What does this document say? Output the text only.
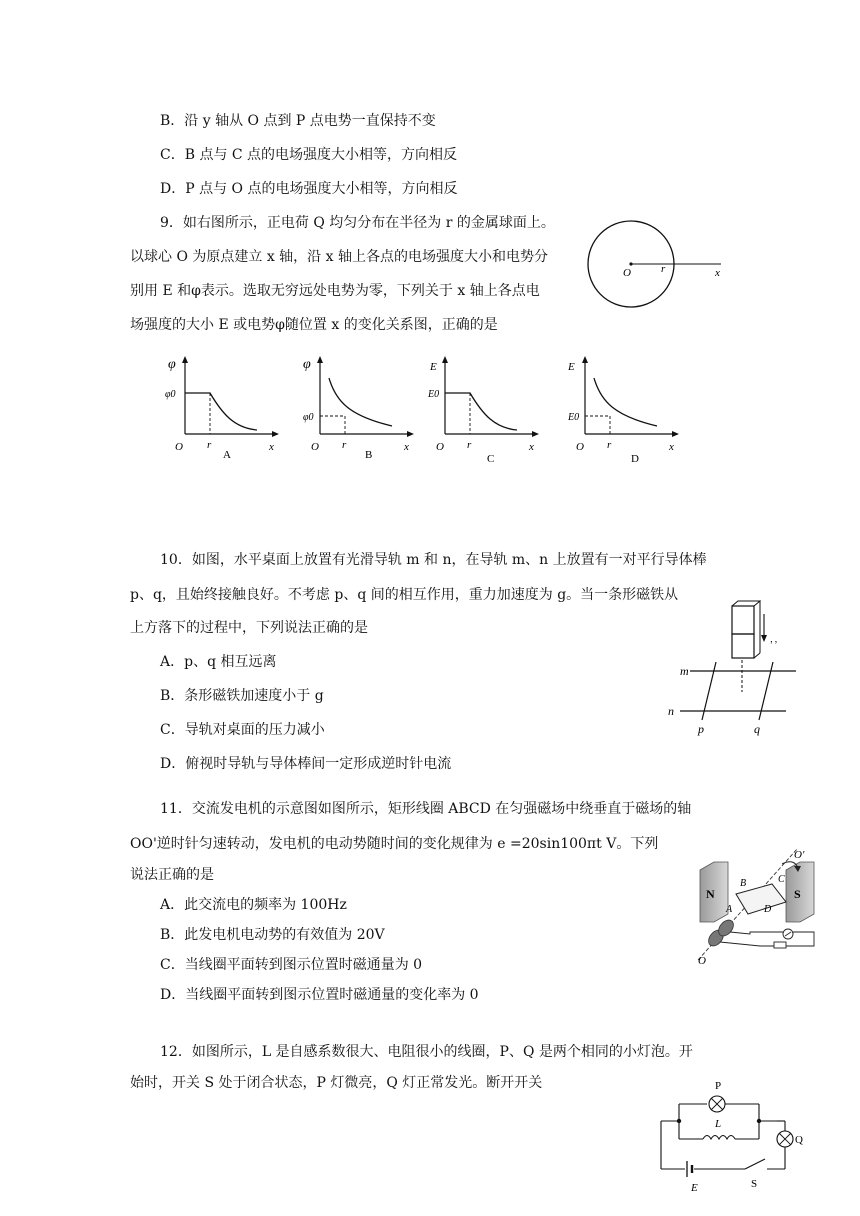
B．沿 y 轴从 O 点到 P 点电势一直保持不变
C．B 点与 C 点的电场强度大小相等，方向相反
D．P 点与 O 点的电场强度大小相等，方向相反
9．如右图所示，正电荷 Q 均匀分布在半径为 r 的金属球面上。
以球心 O 为原点建立 x 轴，沿 x 轴上各点的电场强度大小和电势分
别用 E 和φ表示。选取无穷远处电势为零，下列关于 x 轴上各点电
场强度的大小 E 或电势φ随位置 x 的变化关系图，正确的是
O	r	x
φ
φ0
O r	x
A
φ
φ0
O r	x
B
E
E0
O r	x
C
E
E0
O r	x
D
10．如图，水平桌面上放置有光滑导轨 m 和 n，在导轨 m、n 上放置有一对平行导体棒
p、q，且始终接触良好。不考虑 p、q 间的相互作用，重力加速度为 g。当一条形磁铁从
上方落下的过程中，下列说法正确的是
A．p、q 相互远离
B．条形磁铁加速度小于 g
C．导轨对桌面的压力减小
D．俯视时导轨与导体棒间一定形成逆时针电流
，，
m
n
p	q
11．交流发电机的示意图如图所示，矩形线圈 ABCD 在匀强磁场中绕垂直于磁场的轴
OO'逆时针匀速转动，发电机的电动势随时间的变化规律为 e =20sin100πt V。下列
说法正确的是
A．此交流电的频率为 100Hz
B．此发电机电动势的有效值为 20V
C．当线圈平面转到图示位置时磁通量为 0
D．当线圈平面转到图示位置时磁通量的变化率为 0
N	S
B
A
C
D
O'
O
12．如图所示，L 是自感系数很大、电阻很小的线圈，P、Q 是两个相同的小灯泡。开
始时，开关 S 处于闭合状态，P 灯微亮，Q 灯正常发光。断开开关	P
L
Q
E	S
